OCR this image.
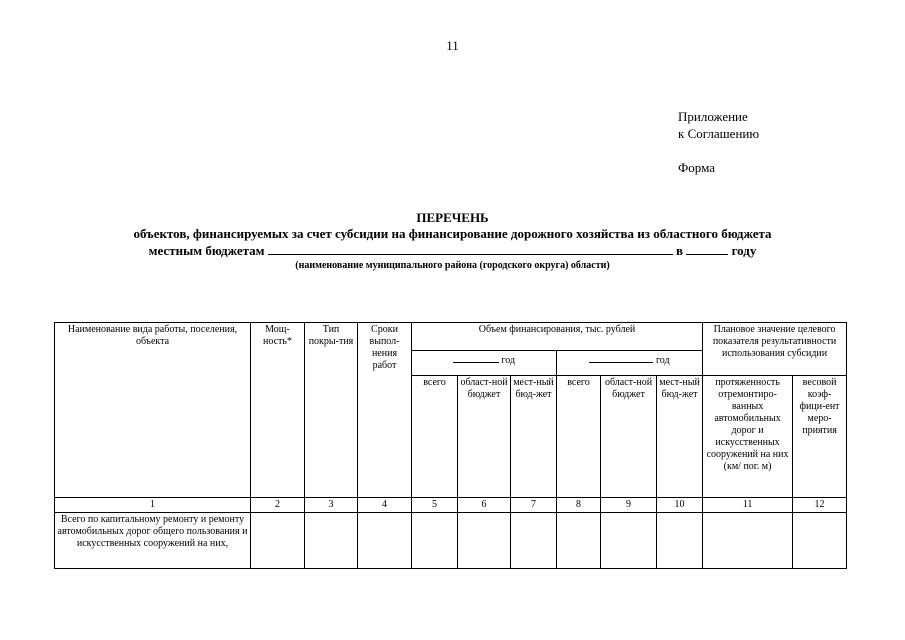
11
Приложение
к Соглашению
Форма
ПЕРЕЧЕНЬ
объектов, финансируемых за счет субсидии на финансирование дорожного хозяйства из областного бюджета
местным бюджетам	в	году
(наименование муниципального района (городского округа) области)
Наименование вида работы, поселения, объекта	Мощ-ность*	Тип покры-тия	Сроки выпол-нения работ	Объем финансирования, тыс. рублей						Плановое значение целевого показателя результативности использования субсидии	
				год			год				
				всего	област-ной бюджет	мест-ный бюд-жет	всего	област-ной бюджет	мест-ный бюд-жет	протяженность отремонтиро-ванных автомобильных дорог и искусственных сооружений на них (км/ пог. м)	весовой коэф-фици-ент меро-приятия
1	2	3	4	5	6	7	8	9	10	11	12
Всего по капитальному ремонту и ремонту автомобильных дорог общего пользования и искусственных сооружений на них,											
